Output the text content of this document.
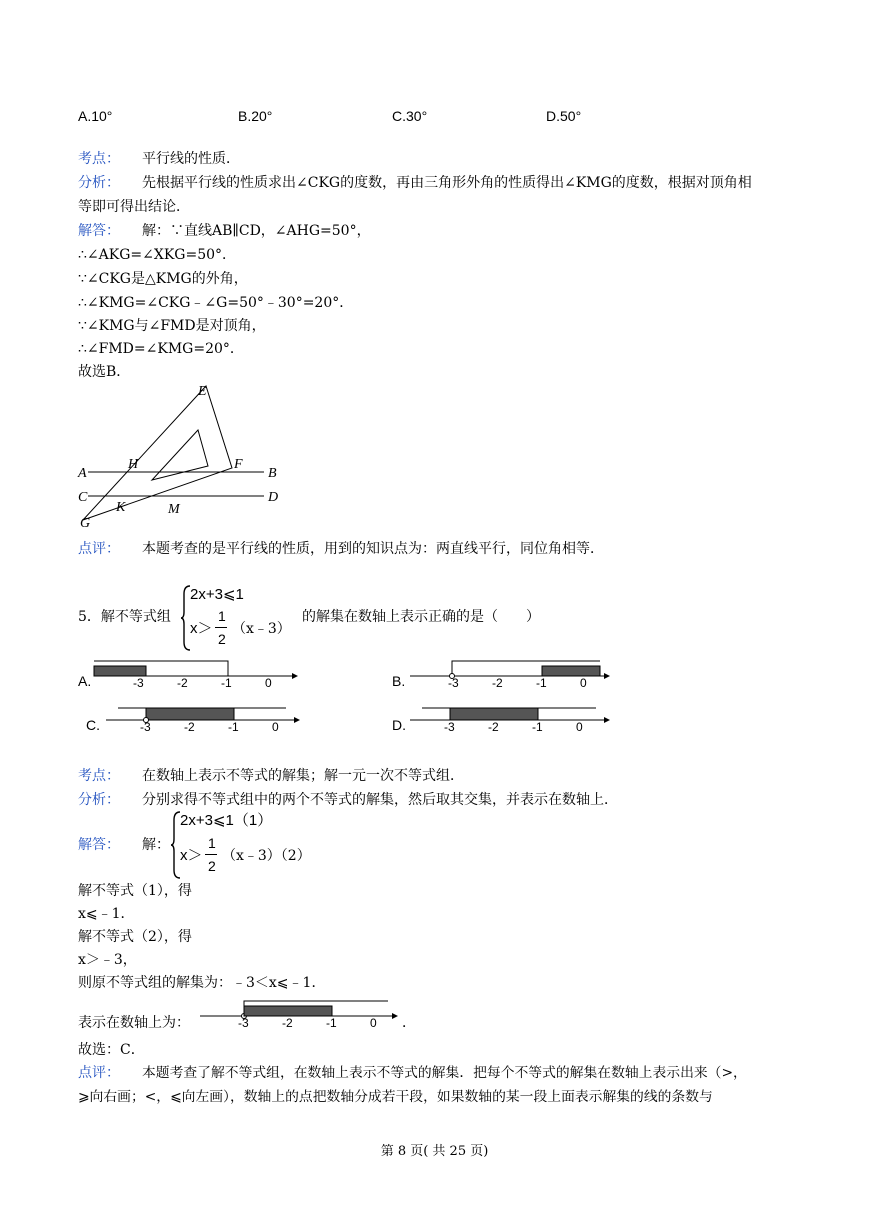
A.10°	B.20°	C.30°	D.50°
考点： 平行线的性质．
分析： 先根据平行线的性质求出∠CKG的度数，再由三角形外角的性质得出∠KMG的度数，根据对顶角相
等即可得出结论．
解答： 解：∵直线AB∥CD，∠AHG=50°，
∴∠AKG=∠XKG=50°．
∵∠CKG是△KMG的外角，
∴∠KMG=∠CKG﹣∠G=50°﹣30°=20°．
∵∠KMG与∠FMD是对顶角，
∴∠FMD=∠KMG=20°．
故选B．
E
H	F
A	B
C	D
K	M
G
点评： 本题考查的是平行线的性质，用到的知识点为：两直线平行，同位角相等．
5．解不等式组
2x+3⩽1
x＞
1
2
（x﹣3）
的解集在数轴上表示正确的是（　　）
A.	-3	-2	-1	0	B.	-3	-2	-1	0
C.	-3	-2	-1	0	D.	-3	-2	-1	0
考点： 在数轴上表示不等式的解集；解一元一次不等式组．
分析： 分别求得不等式组中的两个不等式的解集，然后取其交集，并表示在数轴上．
解答： 解：
2x+3⩽1（1）
x＞
1
2
（x﹣3）（2）
解不等式（1），得
x⩽﹣1．
解不等式（2），得
x＞﹣3，
则原不等式组的解集为：﹣3＜x⩽﹣1．
表示在数轴上为：	-3	-2	-1	0 ．
故选：C．
点评： 本题考查了解不等式组，在数轴上表示不等式的解集．把每个不等式的解集在数轴上表示出来（>，
⩾向右画；<，⩽向左画），数轴上的点把数轴分成若干段，如果数轴的某一段上面表示解集的线的条数与
第 8 页( 共 25 页)
